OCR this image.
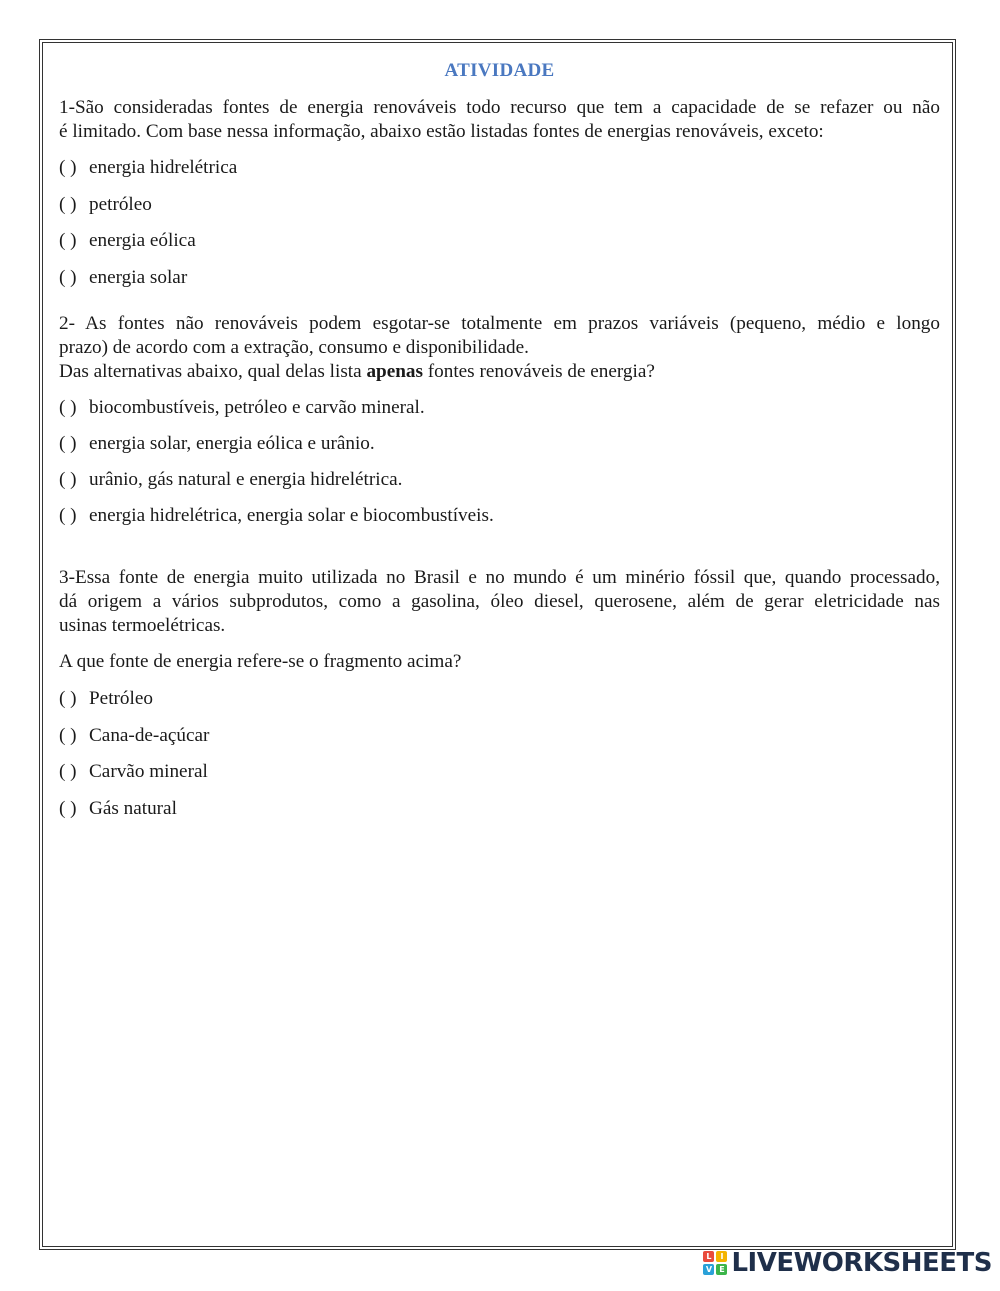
ATIVIDADE

1-São consideradas fontes de energia renováveis todo recurso que tem a capacidade de se refazer ou não
é limitado. Com base nessa informação, abaixo estão listadas fontes de energias renováveis, exceto:

( ) energia hidrelétrica
( ) petróleo
( ) energia eólica
( ) energia solar

2- As fontes não renováveis podem esgotar-se totalmente em prazos variáveis (pequeno, médio e longo
prazo) de acordo com a extração, consumo e disponibilidade.
Das alternativas abaixo, qual delas lista apenas fontes renováveis de energia?

( ) biocombustíveis, petróleo e carvão mineral.
( ) energia solar, energia eólica e urânio.
( ) urânio, gás natural e energia hidrelétrica.
( ) energia hidrelétrica, energia solar e biocombustíveis.

3-Essa fonte de energia muito utilizada no Brasil e no mundo é um minério fóssil que, quando processado,
dá origem a vários subprodutos, como a gasolina, óleo diesel, querosene, além de gerar eletricidade nas
usinas termoelétricas.

A que fonte de energia refere-se o fragmento acima?

( ) Petróleo
( ) Cana-de-açúcar
( ) Carvão mineral
( ) Gás natural
L	I
V E LIVEWORKSHEETS
